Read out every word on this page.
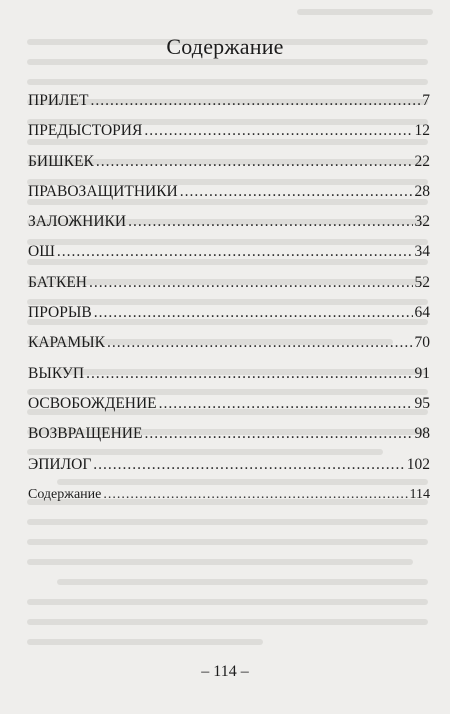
Содержание
ПРИЛЕТ .....	7
ПРЕДЫСТОРИЯ .....	12
БИШКЕК .....	22
ПРАВОЗАЩИТНИКИ .....	28
ЗАЛОЖНИКИ .....	32
ОШ .....	34
БАТКЕН .....	52
ПРОРЫВ .....	64
КАРАМЫК .....	70
ВЫКУП .....	91
ОСВОБОЖДЕНИЕ .....	95
ВОЗВРАЩЕНИЕ .....	98
ЭПИЛОГ .....	102
Содержание .....	114
– 114 –
